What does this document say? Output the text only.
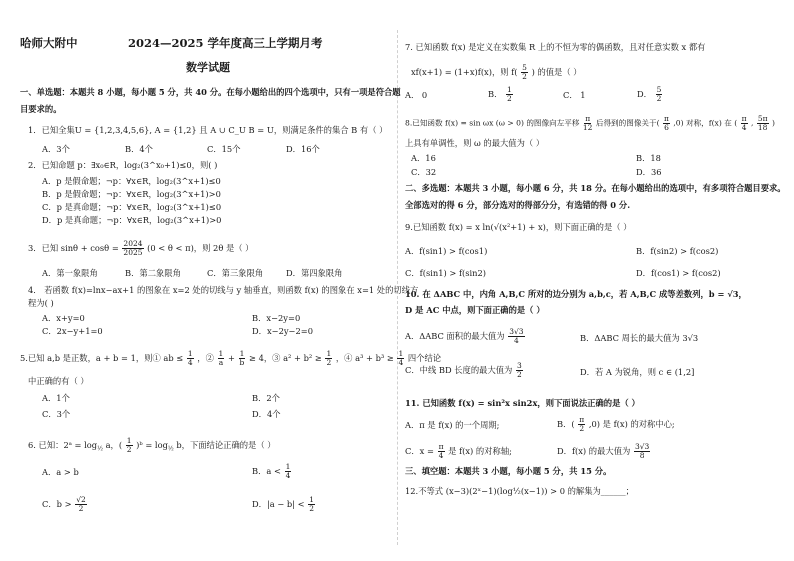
哈师大附中	2024—2025 学年度高三上学期月考
数学试题
一、单选题：本题共 8 小题，每小题 5 分，共 40 分。在每小题给出的四个选项中，只有一项是符合题
目要求的。
1．已知全集U = {1,2,3,4,5,6}, A = {1,2} 且 A ∪ C_U B = U，则满足条件的集合 B 有（ ）
A．3个	B．4个	C．15个	D．16个
2．已知命题 p：∃x₀∈R，log₂(3^x₀+1)≤0，则( )
A．p 是假命题；¬p：∀x∈R，log₂(3^x+1)≤0
B．p 是假命题；¬p：∀x∈R，log₂(3^x+1)>0
C．p 是真命题；¬p：∀x∈R，log₂(3^x+1)≤0
D．p 是真命题；¬p：∀x∈R，log₂(3^x+1)>0
3．已知 $\sin\theta + \cos\theta = \frac{2024}{2025} (0 < \theta < \pi)$，则 2θ 是（ ）
A．第一象限角	B．第二象限角	C．第三象限角	D．第四象限角
4． 若函数 f(x)=lnx−ax+1 的图象在 x=2 处的切线与 y 轴垂直，则函数 f(x) 的图象在 x=1 处的切线方
程为( )
A．x+y=0	B．x−2y=0
C．2x−y+1=0	D．x−2y−2=0
5.已知 a,b 是正数，a + b = 1，则① ab ≤ $\frac{1}{4}$ ，② $\frac{1}{a} + \frac{1}{b} \ge 4$，③ $a^2 + b^2 \ge \frac{1}{2}$ ，④ $a^3 + b^3 \ge \frac{1}{4}$ 四个结论
中正确的有（ ）
A．1个	B．2个
C．3个	D．4个
6. 已知：2ᵃ = $\log_{\frac{1}{2}} a$，( $\frac{1}{2}$ )ᵇ = $\log_{\frac{1}{2}} b$，下面结论正确的是（ ）
A．a > b	B．$a < \frac{1}{4}$
C．$b > \frac{√2}{2}$	D．$|a - b| < \frac{1}{2}$
7. 已知函数 f(x) 是定义在实数集 R 上的不恒为零的偶函数，且对任意实数 x 都有
xf(x+1) = (1+x)f(x)，则 $f( \frac{5}{2}$ ) 的值是（ ）
A． 0	B． $\frac{1}{2}$	C． 1	D． $\frac{5}{2}$
8.已知函数 f(x) = sin ωx (ω > 0) 的图像向左平移 $\frac{\pi}{12}$ 后得到的图像关于( $\frac{\pi}{6} ,0$) 对称，f(x) 在 ( $\frac{\pi}{4}$ , $\frac{5\pi}{18}$ )
上具有单调性，则 ω 的最大值为（ ）
A．16	B．18
C．32	D．36
二、多选题：本题共 3 小题，每小题 6 分，共 18 分。在每小题给出的选项中，有多项符合题目要求。
全部选对的得 6 分，部分选对的得部分分，有选错的得 0 分.
9.已知函数 f(x) = x ln(√(x²+1) + x)，则下面正确的是（ ）
A．f(sin1) > f(cos1)	B．f(sin2) > f(cos2)
C．f(sin1) > f(sin2)	D．f(cos1) > f(cos2)
10. 在 ΔABC 中，内角 A,B,C 所对的边分别为 a,b,c，若 A,B,C 成等差数列，b = √3，
D 是 AC 中点，则下面正确的是（ ）
A．ΔABC 面积的最大值为 $\frac{3√3}{4}$	B．ΔABC 周长的最大值为 3√3
C．中线 BD 长度的最大值为 $\frac{3}{2}$	D．若 A 为锐角，则 c ∈ (1,2]
11. 已知函数 f(x) = sin²x sin2x，则下面说法正确的是（ ）
A．π 是 f(x) 的一个周期;	B．( $\frac{\pi}{2} ,0$) 是 f(x) 的对称中心;
C．$x = \frac{\pi}{4}$ 是 f(x) 的对称轴;	D．f(x) 的最大值为 $\frac{3√3}{8}$
三、填空题：本题共 3 小题，每小题 5 分，共 15 分。
12.不等式 (x−3)(2ˣ−1)(log½(x−1)) > 0 的解集为______；
